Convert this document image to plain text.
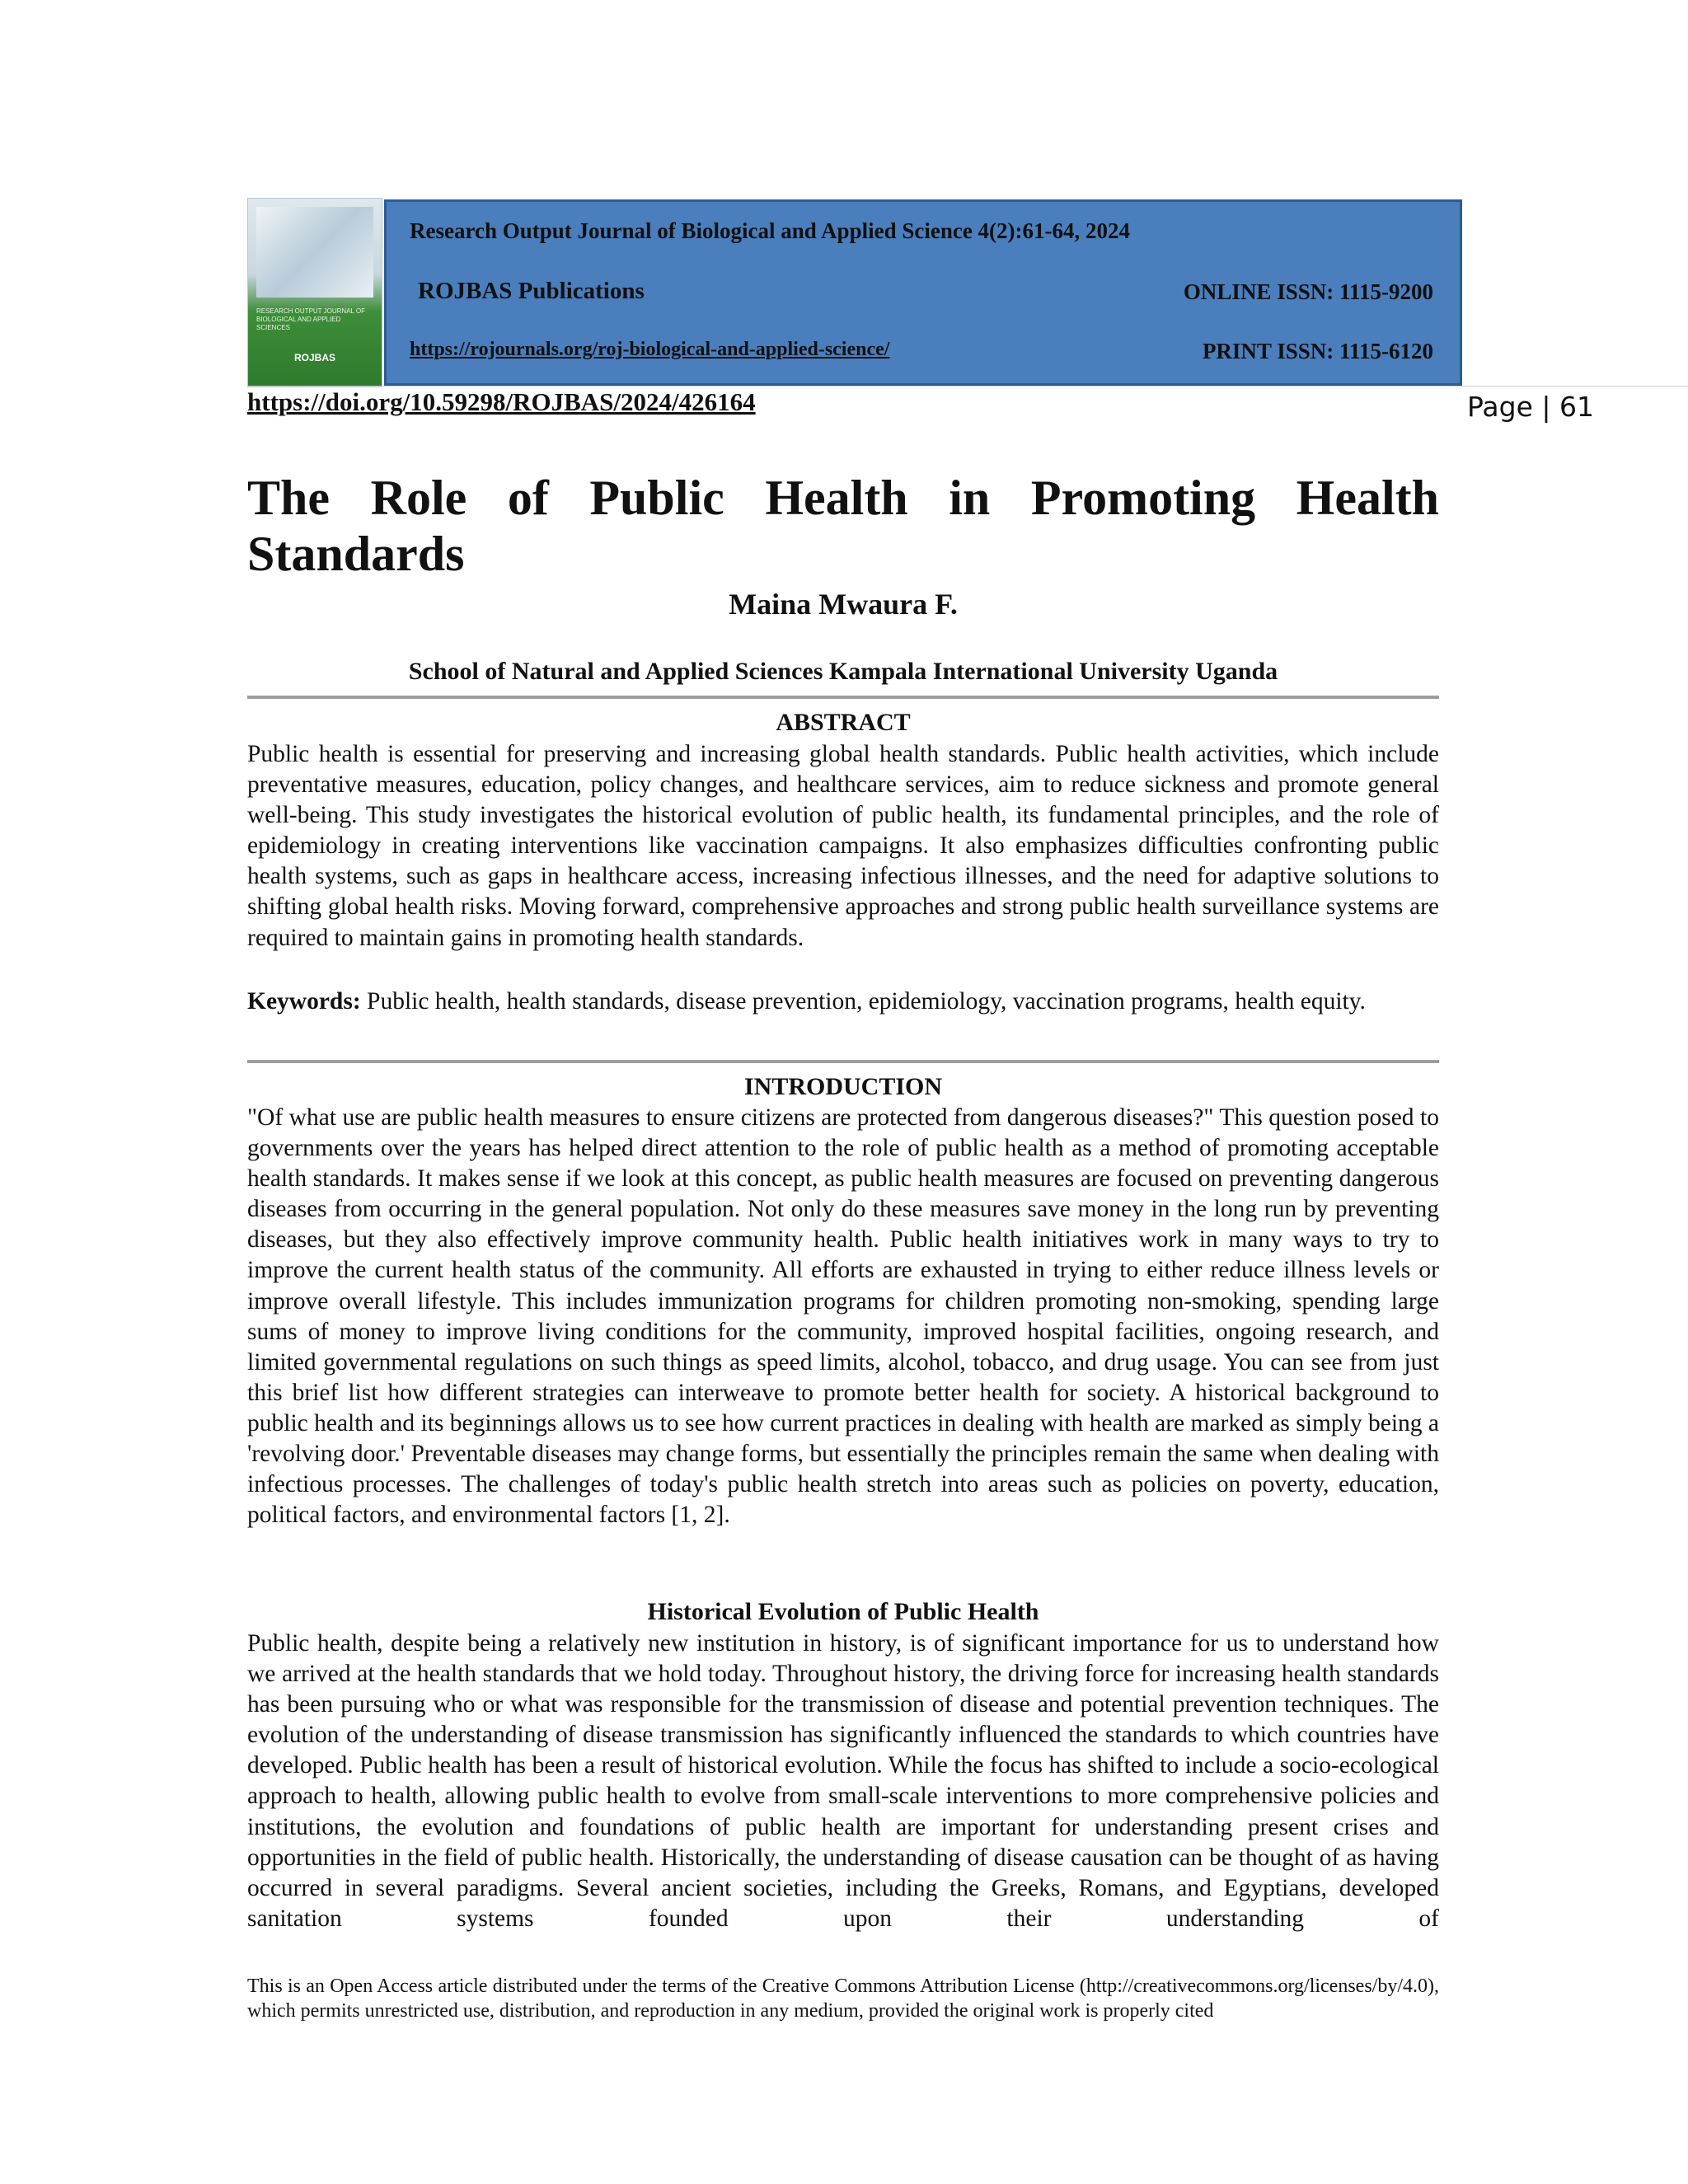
RESEARCH OUTPUT JOURNAL OF BIOLOGICAL AND APPLIED SCIENCES
ROJBAS
Research Output Journal of Biological and Applied Science 4(2):61-64, 2024
ROJBAS Publications	ONLINE ISSN: 1115-9200
https://rojournals.org/roj-biological-and-applied-science/	PRINT ISSN: 1115-6120
https://doi.org/10.59298/ROJBAS/2024/426164	Page | 61
The Role of Public Health in Promoting Health Standards
Maina Mwaura F.
School of Natural and Applied Sciences Kampala International University Uganda
ABSTRACT
Public health is essential for preserving and increasing global health standards. Public health activities, which include preventative measures, education, policy changes, and healthcare services, aim to reduce sickness and promote general well-being. This study investigates the historical evolution of public health, its fundamental principles, and the role of epidemiology in creating interventions like vaccination campaigns. It also emphasizes difficulties confronting public health systems, such as gaps in healthcare access, increasing infectious illnesses, and the need for adaptive solutions to shifting global health risks. Moving forward, comprehensive approaches and strong public health surveillance systems are required to maintain gains in promoting health standards.
Keywords: Public health, health standards, disease prevention, epidemiology, vaccination programs, health equity.
INTRODUCTION
"Of what use are public health measures to ensure citizens are protected from dangerous diseases?" This question posed to governments over the years has helped direct attention to the role of public health as a method of promoting acceptable health standards. It makes sense if we look at this concept, as public health measures are focused on preventing dangerous diseases from occurring in the general population. Not only do these measures save money in the long run by preventing diseases, but they also effectively improve community health. Public health initiatives work in many ways to try to improve the current health status of the community. All efforts are exhausted in trying to either reduce illness levels or improve overall lifestyle. This includes immunization programs for children promoting non-smoking, spending large sums of money to improve living conditions for the community, improved hospital facilities, ongoing research, and limited governmental regulations on such things as speed limits, alcohol, tobacco, and drug usage. You can see from just this brief list how different strategies can interweave to promote better health for society. A historical background to public health and its beginnings allows us to see how current practices in dealing with health are marked as simply being a 'revolving door.' Preventable diseases may change forms, but essentially the principles remain the same when dealing with infectious processes. The challenges of today's public health stretch into areas such as policies on poverty, education, political factors, and environmental factors [1, 2].
Historical Evolution of Public Health
Public health, despite being a relatively new institution in history, is of significant importance for us to understand how we arrived at the health standards that we hold today. Throughout history, the driving force for increasing health standards has been pursuing who or what was responsible for the transmission of disease and potential prevention techniques. The evolution of the understanding of disease transmission has significantly influenced the standards to which countries have developed. Public health has been a result of historical evolution. While the focus has shifted to include a socio-ecological approach to health, allowing public health to evolve from small-scale interventions to more comprehensive policies and institutions, the evolution and foundations of public health are important for understanding present crises and opportunities in the field of public health. Historically, the understanding of disease causation can be thought of as having occurred in several paradigms. Several ancient societies, including the Greeks, Romans, and Egyptians, developed sanitation systems founded upon their understanding of
This is an Open Access article distributed under the terms of the Creative Commons Attribution License (http://creativecommons.org/licenses/by/4.0), which permits unrestricted use, distribution, and reproduction in any medium, provided the original work is properly cited
